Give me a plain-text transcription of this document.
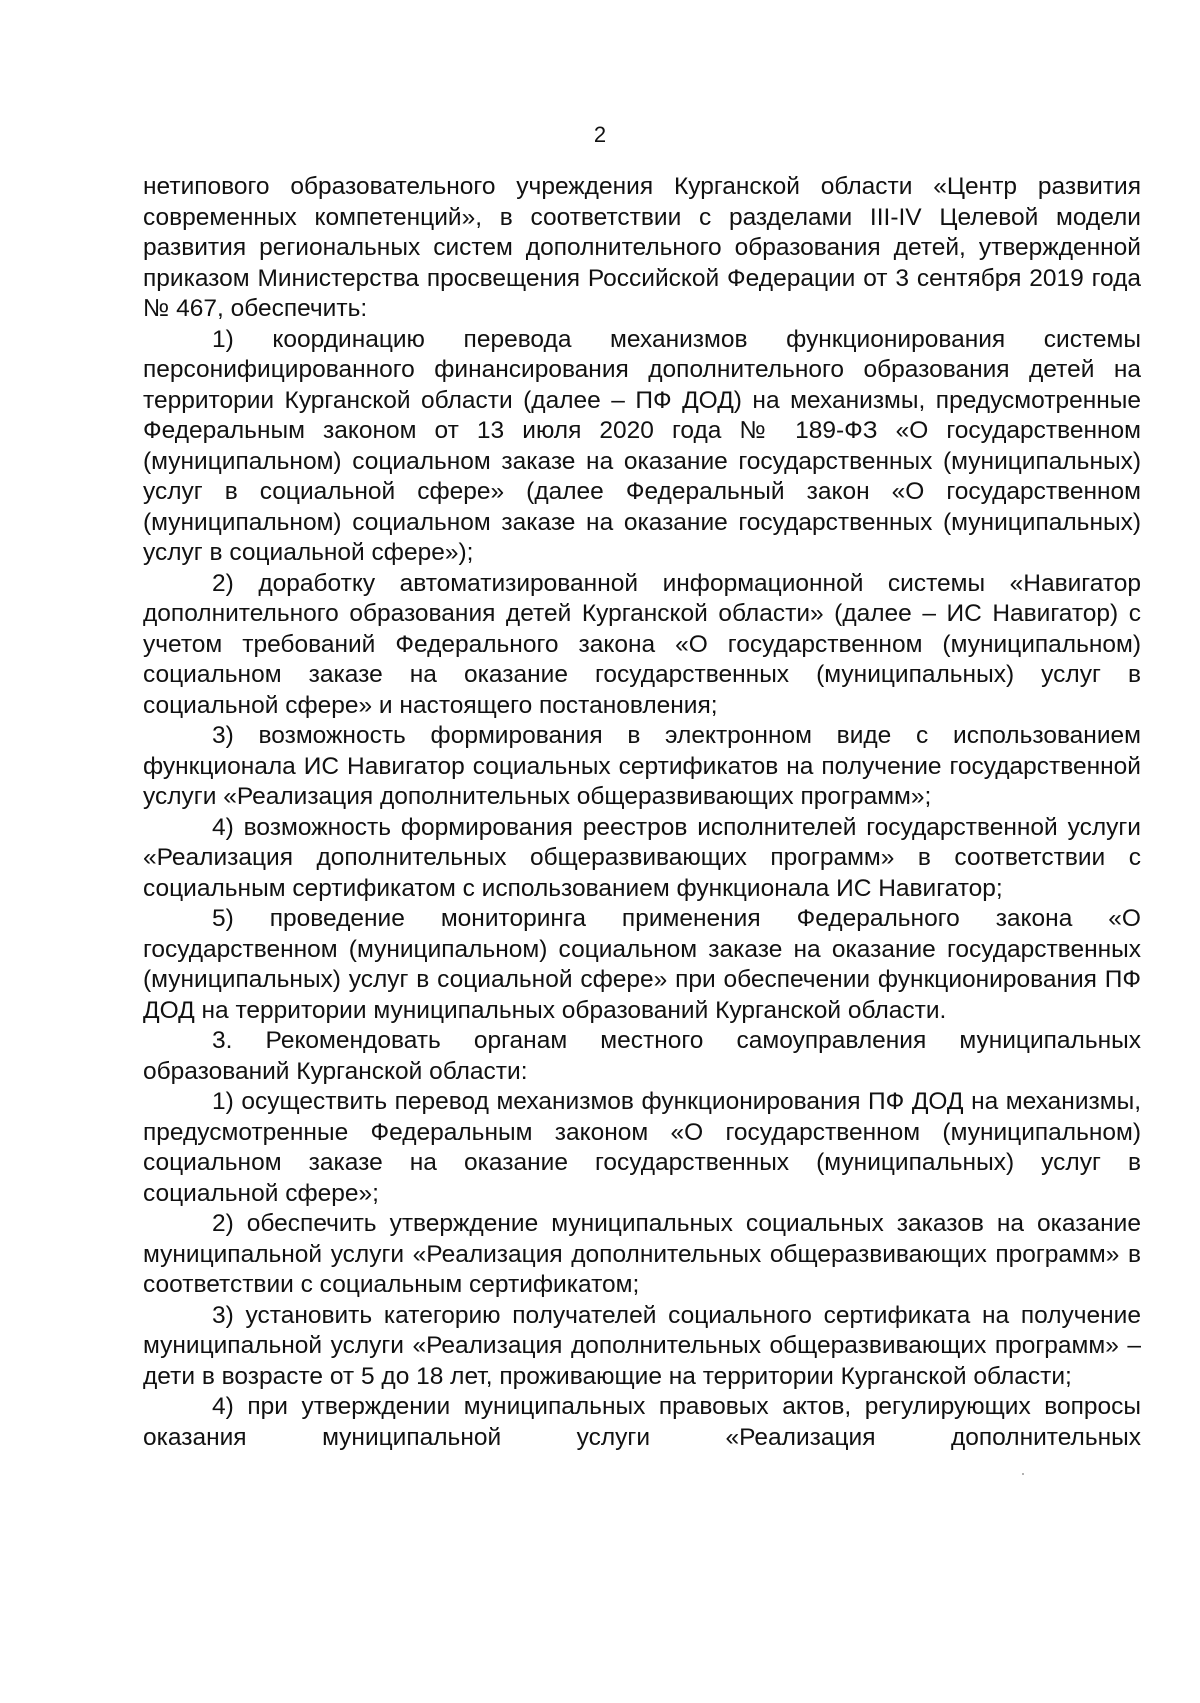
2

нетипового образовательного учреждения Курганской области «Центр развития современных компетенций», в соответствии с разделами III-IV Целевой модели развития региональных систем дополнительного образования детей, утвержденной приказом Министерства просвещения Российской Федерации от 3 сентября 2019 года № 467, обеспечить:

1) координацию перевода механизмов функционирования системы персонифицированного финансирования дополнительного образования детей на территории Курганской области (далее – ПФ ДОД) на механизмы, предусмотренные Федеральным законом от 13 июля 2020 года № 189-ФЗ «О государственном (муниципальном) социальном заказе на оказание государственных (муниципальных) услуг в социальной сфере» (далее Федеральный закон «О государственном (муниципальном) социальном заказе на оказание государственных (муниципальных) услуг в социальной сфере»);

2) доработку автоматизированной информационной системы «Навигатор дополнительного образования детей Курганской области» (далее – ИС Навигатор) с учетом требований Федерального закона «О государственном (муниципальном) социальном заказе на оказание государственных (муниципальных) услуг в социальной сфере» и настоящего постановления;

3) возможность формирования в электронном виде с использованием функционала ИС Навигатор социальных сертификатов на получение государственной услуги «Реализация дополнительных общеразвивающих программ»;

4) возможность формирования реестров исполнителей государственной услуги «Реализация дополнительных общеразвивающих программ» в соответствии с социальным сертификатом с использованием функционала ИС Навигатор;

5) проведение мониторинга применения Федерального закона «О государственном (муниципальном) социальном заказе на оказание государственных (муниципальных) услуг в социальной сфере» при обеспечении функционирования ПФ ДОД на территории муниципальных образований Курганской области.

3. Рекомендовать органам местного самоуправления муниципальных образований Курганской области:

1) осуществить перевод механизмов функционирования ПФ ДОД на механизмы, предусмотренные Федеральным законом «О государственном (муниципальном) социальном заказе на оказание государственных (муниципальных) услуг в социальной сфере»;

2) обеспечить утверждение муниципальных социальных заказов на оказание муниципальной услуги «Реализация дополнительных общеразвивающих программ» в соответствии с социальным сертификатом;

3) установить категорию получателей социального сертификата на получение муниципальной услуги «Реализация дополнительных общеразвивающих программ» – дети в возрасте от 5 до 18 лет, проживающие на территории Курганской области;

4) при утверждении муниципальных правовых актов, регулирующих вопросы оказания муниципальной услуги «Реализация дополнительных
